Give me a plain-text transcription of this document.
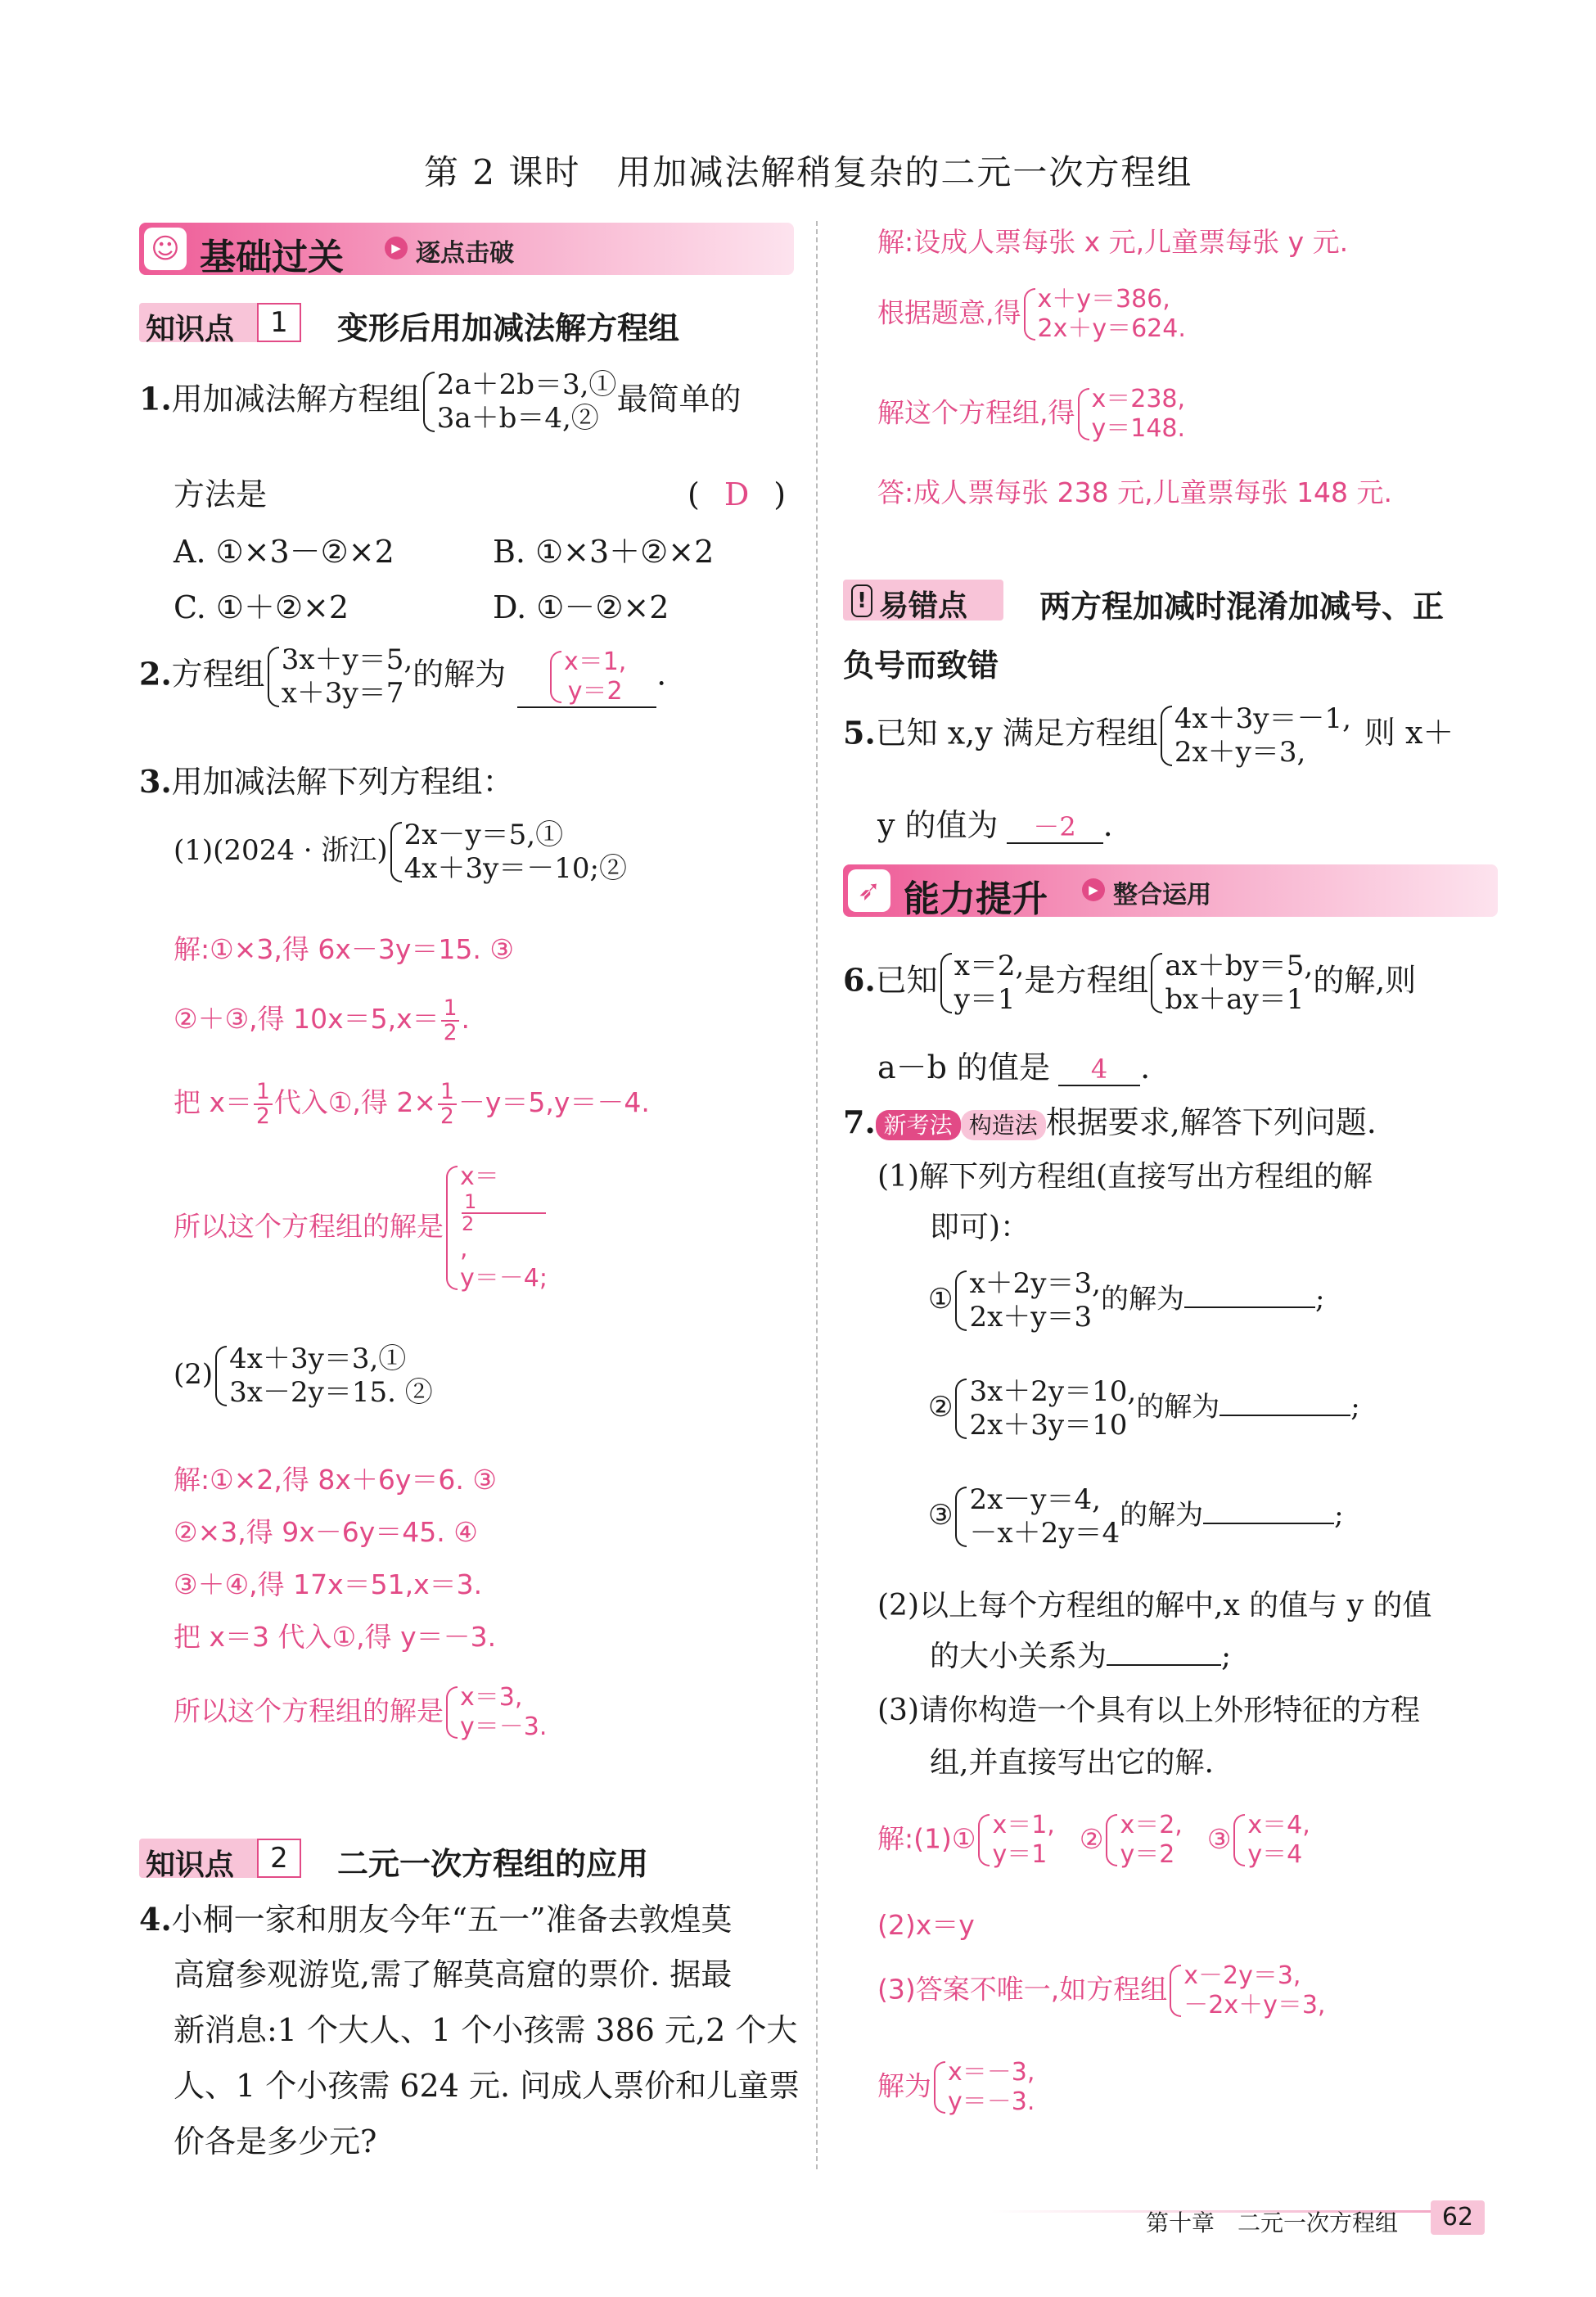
第 2 课时　用加减法解稍复杂的二元一次方程组
☺ 基础过关	▶ 逐点击破
知识点	1	变形后用加减法解方程组
1.用加减法解方程组 2a＋2b＝3,①
3a＋b＝4,②
最简单的
方法是	( D )
A. ①×3－②×2	B. ①×3＋②×2
C. ①＋②×2	D. ①－②×2
2.方程组 3x＋y＝5,
x＋3y＝7
的解为 x＝1,
y＝2 .
3.用加减法解下列方程组：
(1)(2024 · 浙江) 2x－y＝5,①
4x＋3y＝－10;②
解:①×3,得 6x－3y＝15. ③
②＋③,得 $10x=5,x= \frac{1}{2}$ .
把 $x= \frac{1}{2}$ 代入①,得 $2\times \frac{1}{2} -y=5,y=-4$.
所以这个方程组的解是
x＝
1
2
,
y＝－4;
(2) 4x＋3y＝3,①
3x－2y＝15. ②
解:①×2,得 8x＋6y＝6. ③
②×3,得 9x－6y＝45. ④
③＋④,得 17x＝51,x＝3.
把 x＝3 代入①,得 y＝－3.
所以这个方程组的解是 x＝3,
y＝－3.
知识点	2	二元一次方程组的应用
4.小桐一家和朋友今年“五一”准备去敦煌莫
高窟参观游览,需了解莫高窟的票价. 据最
新消息:1 个大人、1 个小孩需 386 元,2 个大
人、1 个小孩需 624 元. 问成人票价和儿童票
价各是多少元?
解:设成人票每张 x 元,儿童票每张 y 元.
根据题意,得 x＋y＝386,
2x＋y＝624.
解这个方程组,得 x＝238,
y＝148.
答:成人票每张 238 元,儿童票每张 148 元.
! 易错点 两方程加减时混淆加减号、正
负号而致错
5.已知 x,y 满足方程组 4x＋3y＝－1,
2x＋y＝3,
则 x＋
y 的值为 －2 .
➶ 能力提升	▶ 整合运用
6.已知 x＝2,
y＝1
是方程组 ax＋by＝5,
bx＋ay＝1
的解,则
a－b 的值是 4 .
7. 新考法 构造法 根据要求,解答下列问题.
(1)解下列方程组(直接写出方程组的解
即可)：
① x＋2y＝3,
2x＋y＝3
的解为	;
② 3x＋2y＝10,
2x＋3y＝10
的解为	;
③ 2x－y＝4,
－x＋2y＝4
的解为	;
(2)以上每个方程组的解中,x 的值与 y 的值
的大小关系为	;
(3)请你构造一个具有以上外形特征的方程
组,并直接写出它的解.
解:(1)① x＝1,
y＝1 ② x＝2,
y＝2 ③ x＝4,
y＝4
(2)x＝y
(3)答案不唯一,如方程组 x－2y＝3,
－2x＋y＝3,
解为 x＝－3,
y＝－3.
第十章　二元一次方程组	62
